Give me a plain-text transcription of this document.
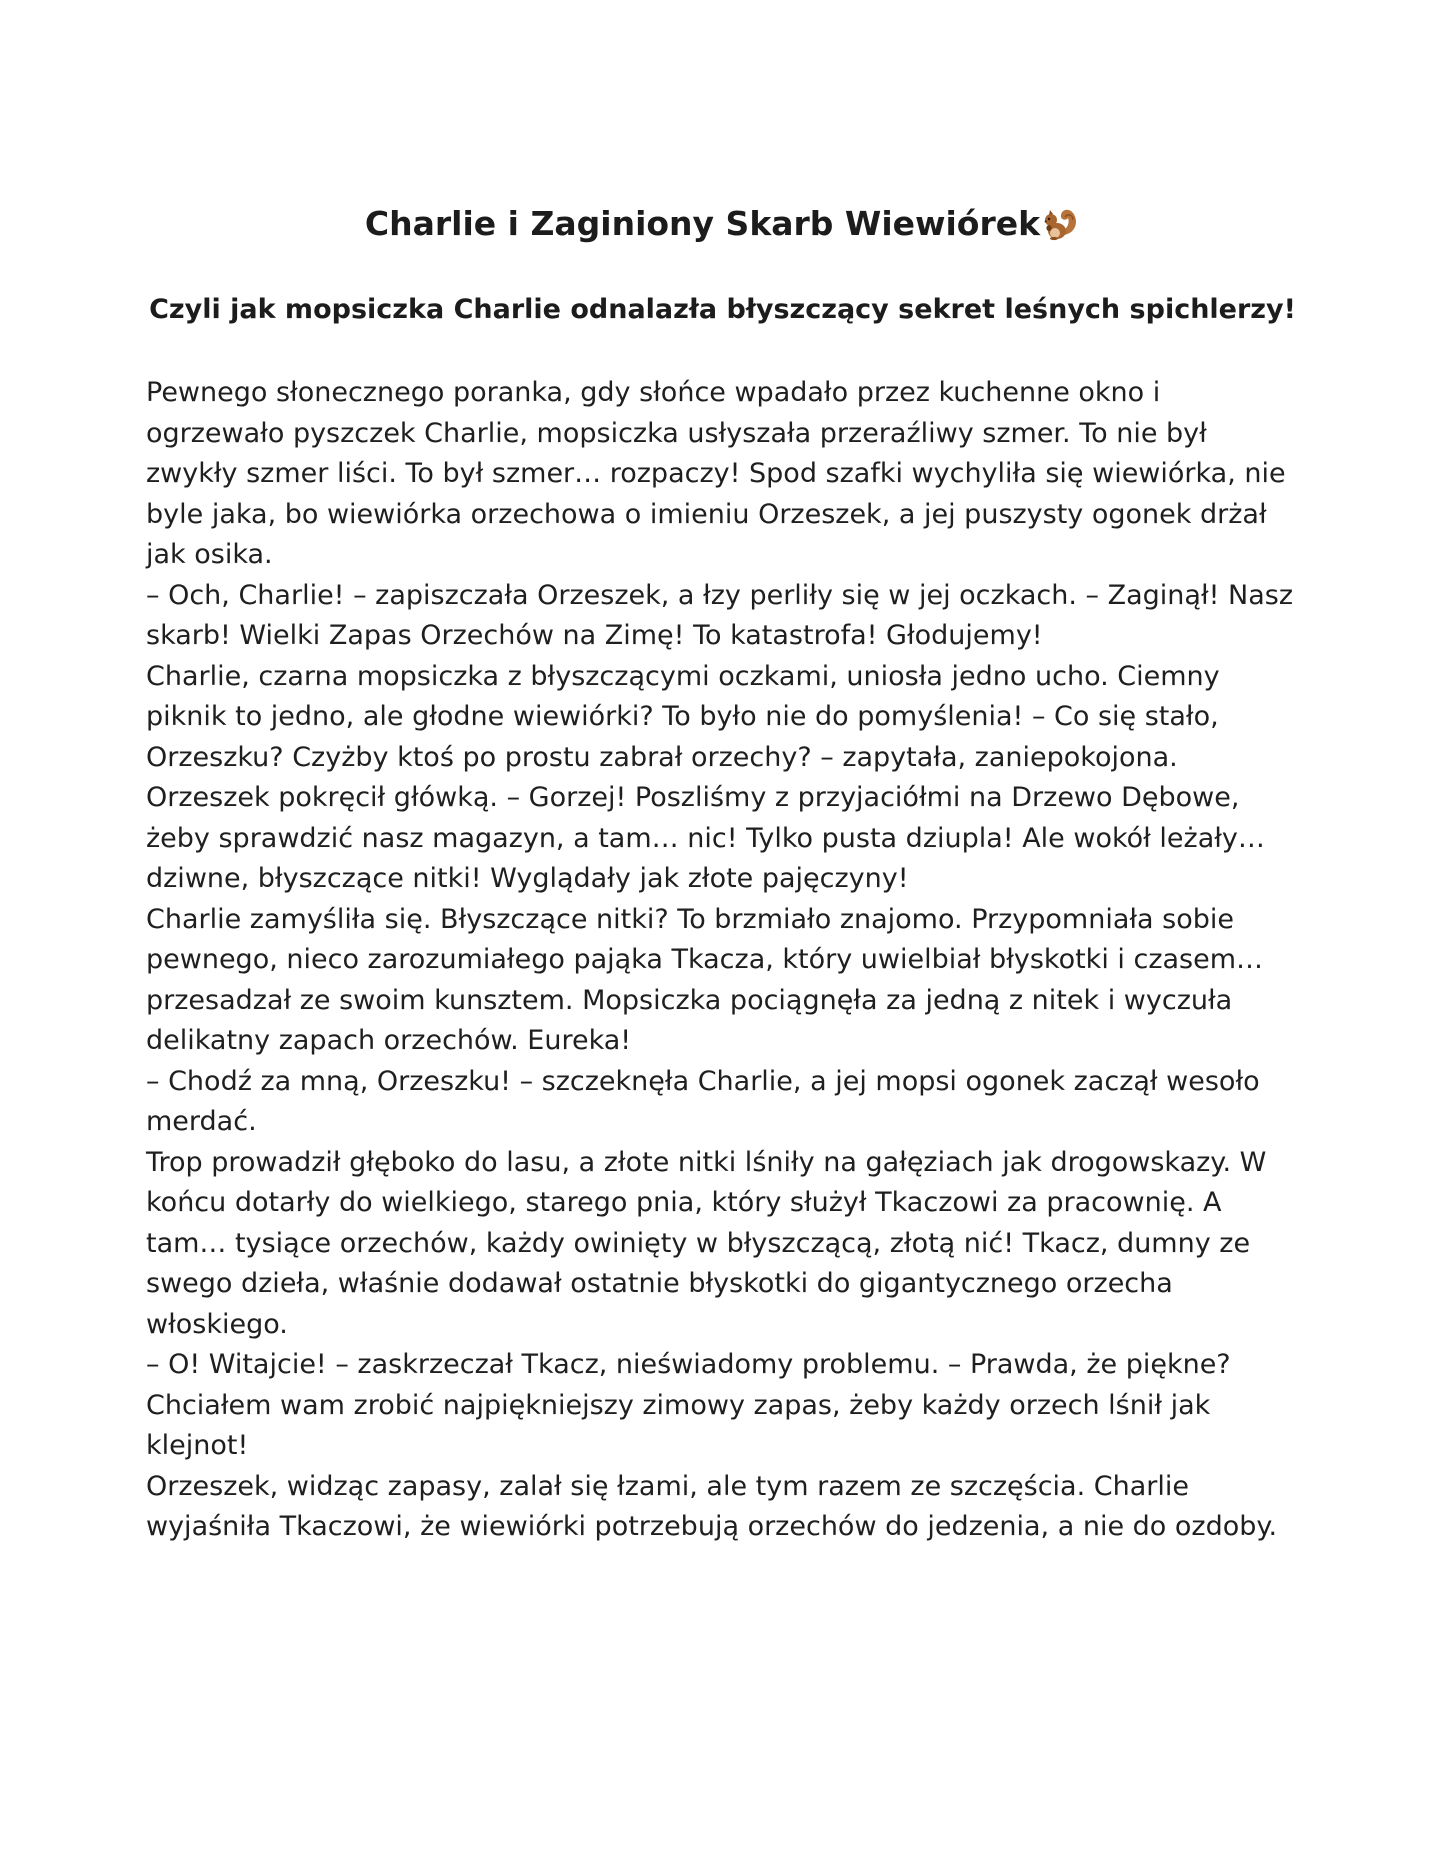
Charlie i Zaginiony Skarb Wiewiórek
Czyli jak mopsiczka Charlie odnalazła błyszczący sekret leśnych spichlerzy!

Pewnego słonecznego poranka, gdy słońce wpadało przez kuchenne okno i ogrzewało pyszczek Charlie, mopsiczka usłyszała przeraźliwy szmer. To nie był zwykły szmer liści. To był szmer… rozpaczy! Spod szafki wychyliła się wiewiórka, nie byle jaka, bo wiewiórka orzechowa o imieniu Orzeszek, a jej puszysty ogonek drżał jak osika.

– Och, Charlie! – zapiszczała Orzeszek, a łzy perliły się w jej oczkach. – Zaginął! Nasz skarb! Wielki Zapas Orzechów na Zimę! To katastrofa! Głodujemy!

Charlie, czarna mopsiczka z błyszczącymi oczkami, uniosła jedno ucho. Ciemny piknik to jedno, ale głodne wiewiórki? To było nie do pomyślenia! – Co się stało, Orzeszku? Czyżby ktoś po prostu zabrał orzechy? – zapytała, zaniepokojona.

Orzeszek pokręcił główką. – Gorzej! Poszliśmy z przyjaciółmi na Drzewo Dębowe, żeby sprawdzić nasz magazyn, a tam… nic! Tylko pusta dziupla! Ale wokół leżały… dziwne, błyszczące nitki! Wyglądały jak złote pajęczyny!

Charlie zamyśliła się. Błyszczące nitki? To brzmiało znajomo. Przypomniała sobie pewnego, nieco zarozumiałego pająka Tkacza, który uwielbiał błyskotki i czasem… przesadzał ze swoim kunsztem. Mopsiczka pociągnęła za jedną z nitek i wyczuła delikatny zapach orzechów. Eureka!

– Chodź za mną, Orzeszku! – szczeknęła Charlie, a jej mopsi ogonek zaczął wesoło merdać.

Trop prowadził głęboko do lasu, a złote nitki lśniły na gałęziach jak drogowskazy. W końcu dotarły do wielkiego, starego pnia, który służył Tkaczowi za pracownię. A tam… tysiące orzechów, każdy owinięty w błyszczącą, złotą nić! Tkacz, dumny ze swego dzieła, właśnie dodawał ostatnie błyskotki do gigantycznego orzecha włoskiego.

– O! Witajcie! – zaskrzeczał Tkacz, nieświadomy problemu. – Prawda, że piękne? Chciałem wam zrobić najpiękniejszy zimowy zapas, żeby każdy orzech lśnił jak klejnot!

Orzeszek, widząc zapasy, zalał się łzami, ale tym razem ze szczęścia. Charlie wyjaśniła Tkaczowi, że wiewiórki potrzebują orzechów do jedzenia, a nie do ozdoby.
